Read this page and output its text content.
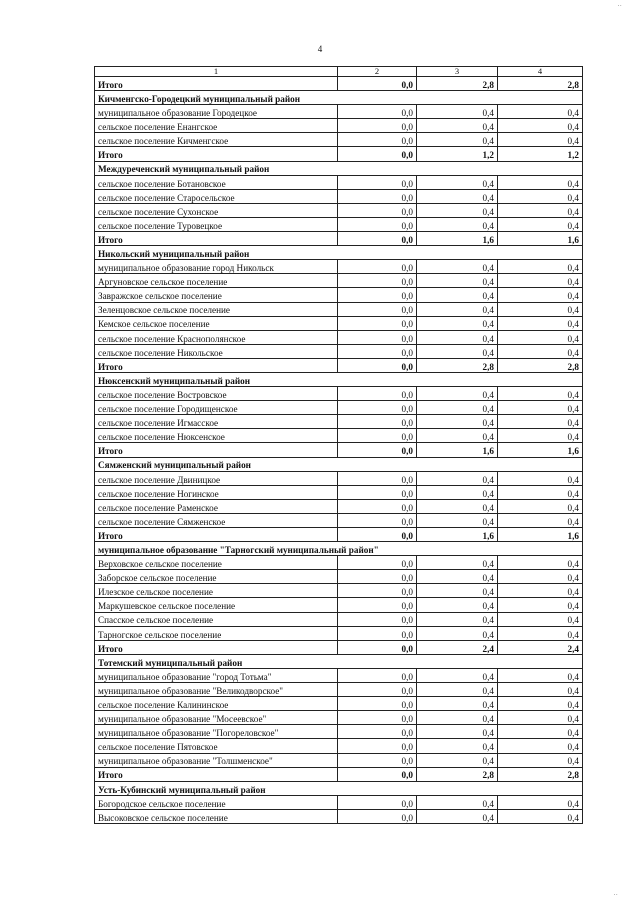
··
4
1	2	3	4
Итого	0,0	2,8	2,8
Кичменгско-Городецкий муниципальный район			
муниципальное образование Городецкое	0,0	0,4	0,4
сельское поселение Енангское	0,0	0,4	0,4
сельское поселение Кичменгское	0,0	0,4	0,4
Итого	0,0	1,2	1,2
Междуреченский муниципальный район			
сельское поселение Ботановское	0,0	0,4	0,4
сельское поселение Старосельское	0,0	0,4	0,4
сельское поселение Сухонское	0,0	0,4	0,4
сельское поселение Туровецкое	0,0	0,4	0,4
Итого	0,0	1,6	1,6
Никольский муниципальный район			
муниципальное образование город Никольск	0,0	0,4	0,4
Аргуновское сельское поселение	0,0	0,4	0,4
Завражское сельское поселение	0,0	0,4	0,4
Зеленцовское сельское поселение	0,0	0,4	0,4
Кемское сельское поселение	0,0	0,4	0,4
сельское поселение Краснополянское	0,0	0,4	0,4
сельское поселение Никольское	0,0	0,4	0,4
Итого	0,0	2,8	2,8
Нюксенский муниципальный район			
сельское поселение Востровское	0,0	0,4	0,4
сельское поселение Городищенское	0,0	0,4	0,4
сельское поселение Игмасское	0,0	0,4	0,4
сельское поселение Нюксенское	0,0	0,4	0,4
Итого	0,0	1,6	1,6
Сямженский муниципальный район			
сельское поселение Двиницкое	0,0	0,4	0,4
сельское поселение Ногинское	0,0	0,4	0,4
сельское поселение Раменское	0,0	0,4	0,4
сельское поселение Сямженское	0,0	0,4	0,4
Итого	0,0	1,6	1,6
муниципальное образование "Тарногский муниципальный район"			
Верховское сельское поселение	0,0	0,4	0,4
Заборское сельское поселение	0,0	0,4	0,4
Илезское сельское поселение	0,0	0,4	0,4
Маркушевское сельское поселение	0,0	0,4	0,4
Спасское сельское поселение	0,0	0,4	0,4
Тарногское сельское поселение	0,0	0,4	0,4
Итого	0,0	2,4	2,4
Тотемский муниципальный район			
муниципальное образование "город Тотьма"	0,0	0,4	0,4
муниципальное образование "Великодворское"	0,0	0,4	0,4
сельское поселение Калининское	0,0	0,4	0,4
муниципальное образование "Мосеевское"	0,0	0,4	0,4
муниципальное образование "Погореловское"	0,0	0,4	0,4
сельское поселение Пятовское	0,0	0,4	0,4
муниципальное образование "Толшменское"	0,0	0,4	0,4
Итого	0,0	2,8	2,8
Усть-Кубинский муниципальный район			
Богородское сельское поселение	0,0	0,4	0,4
Высоковское сельское поселение	0,0	0,4	0,4
··
